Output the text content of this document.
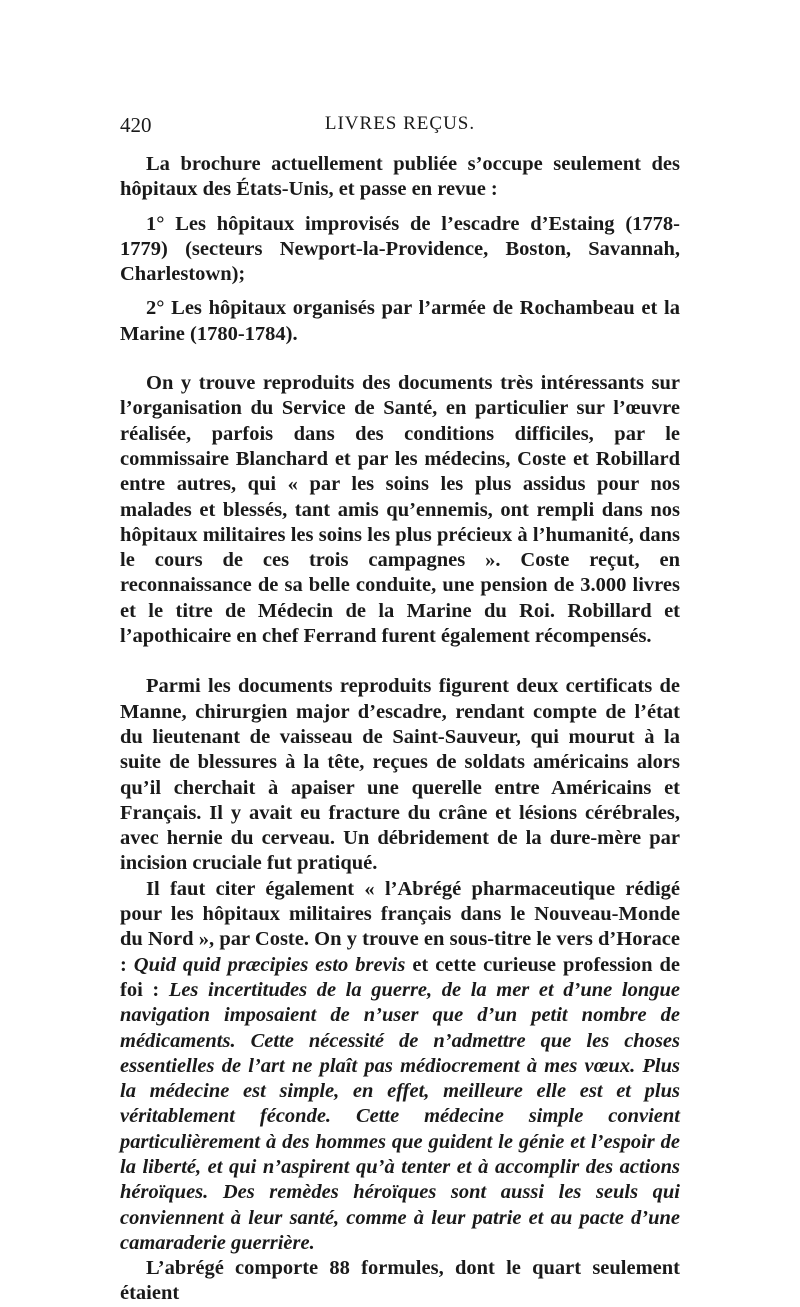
420	LIVRES REÇUS.

La brochure actuellement publiée s’occupe seulement des hôpitaux des États-Unis, et passe en revue :

1° Les hôpitaux improvisés de l’escadre d’Estaing (1778-1779) (secteurs Newport-la-Providence, Boston, Savannah, Charlestown);

2° Les hôpitaux organisés par l’armée de Rochambeau et la Marine (1780-1784).

On y trouve reproduits des documents très intéressants sur l’organisation du Service de Santé, en particulier sur l’œuvre réalisée, parfois dans des conditions difficiles, par le commissaire Blanchard et par les médecins, Coste et Robillard entre autres, qui « par les soins les plus assidus pour nos malades et blessés, tant amis qu’ennemis, ont rempli dans nos hôpitaux militaires les soins les plus précieux à l’humanité, dans le cours de ces trois campagnes ». Coste reçut, en reconnaissance de sa belle conduite, une pension de 3.000 livres et le titre de Médecin de la Marine du Roi. Robillard et l’apothicaire en chef Ferrand furent également récompensés.

Parmi les documents reproduits figurent deux certificats de Manne, chirurgien major d’escadre, rendant compte de l’état du lieutenant de vaisseau de Saint-Sauveur, qui mourut à la suite de blessures à la tête, reçues de soldats américains alors qu’il cherchait à apaiser une querelle entre Américains et Français. Il y avait eu fracture du crâne et lésions cérébrales, avec hernie du cerveau. Un débridement de la dure-mère par incision cruciale fut pratiqué.

Il faut citer également « l’Abrégé pharmaceutique rédigé pour les hôpitaux militaires français dans le Nouveau-Monde du Nord », par Coste. On y trouve en sous-titre le vers d’Horace : Quid quid præcipies esto brevis et cette curieuse profession de foi : Les incertitudes de la guerre, de la mer et d’une longue navigation imposaient de n’user que d’un petit nombre de médicaments. Cette nécessité de n’admettre que les choses essentielles de l’art ne plaît pas médiocrement à mes vœux. Plus la médecine est simple, en effet, meilleure elle est et plus véritablement féconde. Cette médecine simple convient particulièrement à des hommes que guident le génie et l’espoir de la liberté, et qui n’aspirent qu’à tenter et à accomplir des actions héroïques. Des remèdes héroïques sont aussi les seuls qui conviennent à leur santé, comme à leur patrie et au pacte d’une camaraderie guerrière.

L’abrégé comporte 88 formules, dont le quart seulement étaient
